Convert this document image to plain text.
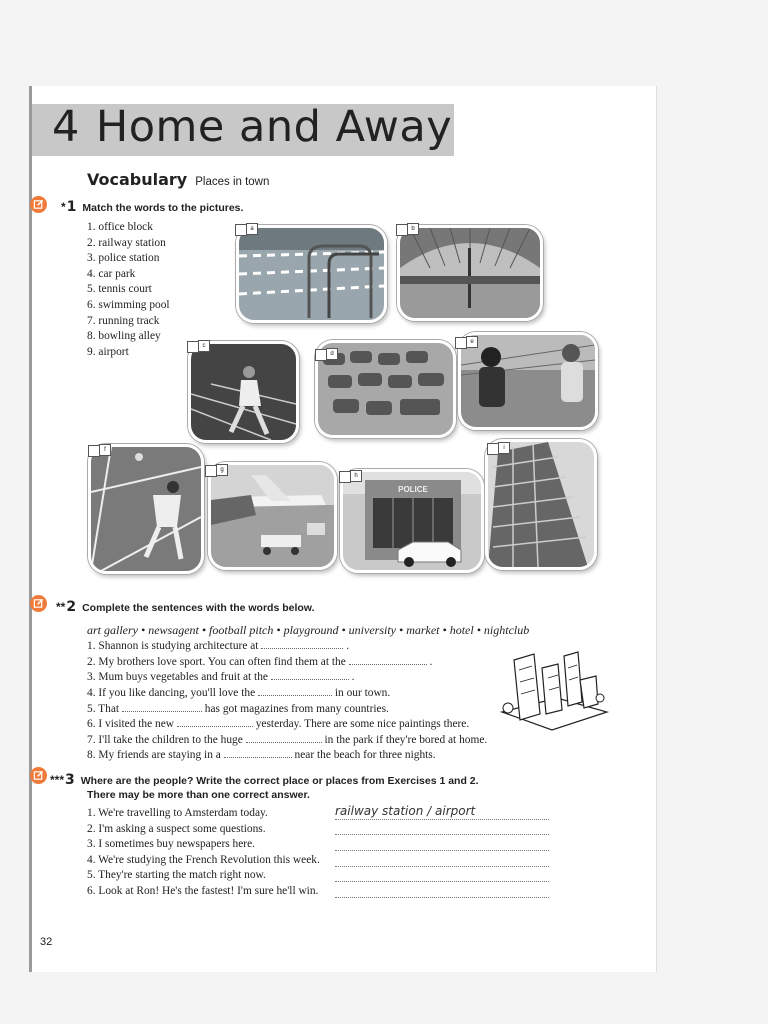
4 Home and Away
Vocabulary Places in town
*1 Match the words to the pictures.
1. office block
2. railway station
3. police station
4. car park
5. tennis court
6. swimming pool
7. running track
8. bowling alley
9. airport
a	b
c
d
e
f
g
h
POLICE
i
**2 Complete the sentences with the words below.
art gallery • newsagent • football pitch • playground • university • market • hotel • nightclub
1. Shannon is studying architecture at	.
2. My brothers love sport. You can often find them at the	.
3. Mum buys vegetables and fruit at the	.
4. If you like dancing, you'll love the	in our town.
5. That	has got magazines from many countries.
6. I visited the new	yesterday. There are some nice paintings there.
7. I'll take the children to the huge	in the park if they're bored at home.
8. My friends are staying in a	near the beach for three nights.
***3 Where are the people? Write the correct place or places from Exercises 1 and 2.
There may be more than one correct answer.
1. We're travelling to Amsterdam today.
2. I'm asking a suspect some questions.
3. I sometimes buy newspapers here.
4. We're studying the French Revolution this week.
5. They're starting the match right now.
6. Look at Ron! He's the fastest! I'm sure he'll win.
railway station / airport
32
